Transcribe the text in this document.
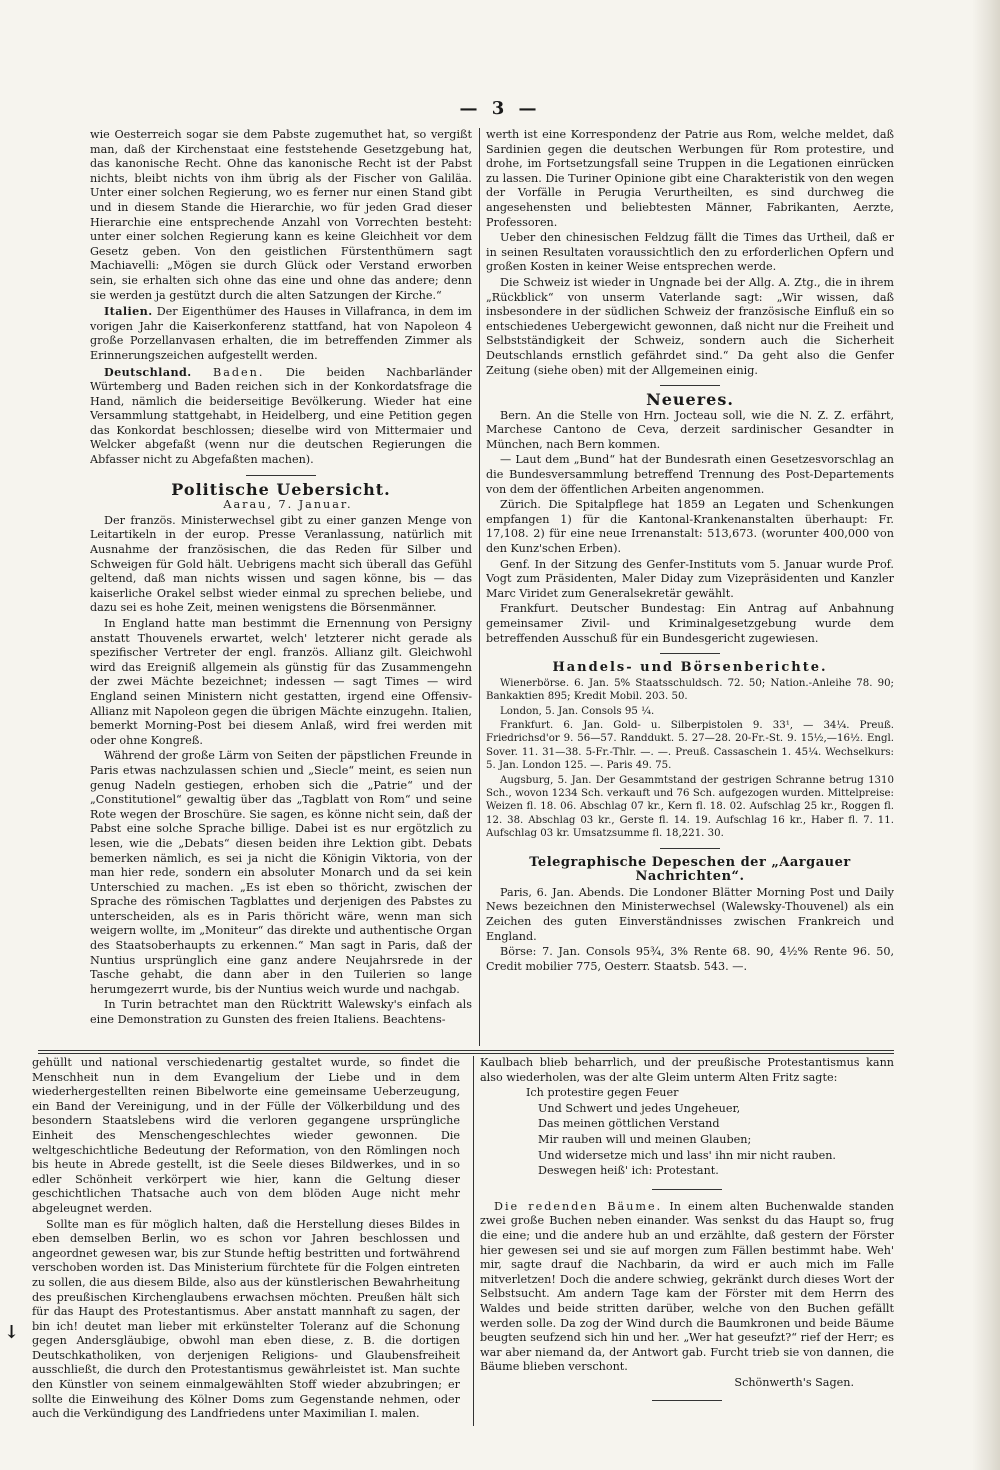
— 3 —

wie Oesterreich sogar sie dem Pabste zugemuthet hat, so vergißt man, daß der Kirchenstaat eine feststehende Gesetzgebung hat, das kanonische Recht. Ohne das kanonische Recht ist der Pabst nichts, bleibt nichts von ihm übrig als der Fischer von Galiläa. Unter einer solchen Regierung, wo es ferner nur einen Stand gibt und in diesem Stande die Hierarchie, wo für jeden Grad dieser Hierarchie eine entsprechende Anzahl von Vorrechten besteht: unter einer solchen Regierung kann es keine Gleichheit vor dem Gesetz geben. Von den geistlichen Fürstenthümern sagt Machiavelli: „Mögen sie durch Glück oder Verstand erworben sein, sie erhalten sich ohne das eine und ohne das andere; denn sie werden ja gestützt durch die alten Satzungen der Kirche.“

Italien. Der Eigenthümer des Hauses in Villafranca, in dem im vorigen Jahr die Kaiserkonferenz stattfand, hat von Napoleon 4 große Porzellanvasen erhalten, die im betreffenden Zimmer als Erinnerungszeichen aufgestellt werden.

Deutschland. Baden. Die beiden Nachbarländer Würtemberg und Baden reichen sich in der Konkordatsfrage die Hand, nämlich die beiderseitige Bevölkerung. Wieder hat eine Versammlung stattgehabt, in Heidelberg, und eine Petition gegen das Konkordat beschlossen; dieselbe wird von Mittermaier und Welcker abgefaßt (wenn nur die deutschen Regierungen die Abfasser nicht zu Abgefaßten machen).

Politische Uebersicht.

Aarau, 7. Januar.

Der französ. Ministerwechsel gibt zu einer ganzen Menge von Leitartikeln in der europ. Presse Veranlassung, natürlich mit Ausnahme der französischen, die das Reden für Silber und Schweigen für Gold hält. Uebrigens macht sich überall das Gefühl geltend, daß man nichts wissen und sagen könne, bis — das kaiserliche Orakel selbst wieder einmal zu sprechen beliebe, und dazu sei es hohe Zeit, meinen wenigstens die Börsenmänner.

In England hatte man bestimmt die Ernennung von Persigny anstatt Thouvenels erwartet, welch' letzterer nicht gerade als spezifischer Vertreter der engl. französ. Allianz gilt. Gleichwohl wird das Ereigniß allgemein als günstig für das Zusammengehn der zwei Mächte bezeichnet; indessen — sagt Times — wird England seinen Ministern nicht gestatten, irgend eine Offensiv-Allianz mit Napoleon gegen die übrigen Mächte einzugehn. Italien, bemerkt Morning-Post bei diesem Anlaß, wird frei werden mit oder ohne Kongreß.

Während der große Lärm von Seiten der päpstlichen Freunde in Paris etwas nachzulassen schien und „Siecle“ meint, es seien nun genug Nadeln gestiegen, erhoben sich die „Patrie“ und der „Constitutionel“ gewaltig über das „Tagblatt von Rom“ und seine Rote wegen der Broschüre. Sie sagen, es könne nicht sein, daß der Pabst eine solche Sprache billige. Dabei ist es nur ergötzlich zu lesen, wie die „Debats“ diesen beiden ihre Lektion gibt. Debats bemerken nämlich, es sei ja nicht die Königin Viktoria, von der man hier rede, sondern ein absoluter Monarch und da sei kein Unterschied zu machen. „Es ist eben so thöricht, zwischen der Sprache des römischen Tagblattes und derjenigen des Pabstes zu unterscheiden, als es in Paris thöricht wäre, wenn man sich weigern wollte, im „Moniteur“ das direkte und authentische Organ des Staatsoberhaupts zu erkennen.“ Man sagt in Paris, daß der Nuntius ursprünglich eine ganz andere Neujahrsrede in der Tasche gehabt, die dann aber in den Tuilerien so lange herumgezerrt wurde, bis der Nuntius weich wurde und nachgab.

In Turin betrachtet man den Rücktritt Walewsky's einfach als eine Demonstration zu Gunsten des freien Italiens. Beachtens-

werth ist eine Korrespondenz der Patrie aus Rom, welche meldet, daß Sardinien gegen die deutschen Werbungen für Rom protestire, und drohe, im Fortsetzungsfall seine Truppen in die Legationen einrücken zu lassen. Die Turiner Opinione gibt eine Charakteristik von den wegen der Vorfälle in Perugia Verurtheilten, es sind durchweg die angesehensten und beliebtesten Männer, Fabrikanten, Aerzte, Professoren.

Ueber den chinesischen Feldzug fällt die Times das Urtheil, daß er in seinen Resultaten voraussichtlich den zu erforderlichen Opfern und großen Kosten in keiner Weise entsprechen werde.

Die Schweiz ist wieder in Ungnade bei der Allg. A. Ztg., die in ihrem „Rückblick“ von unserm Vaterlande sagt: „Wir wissen, daß insbesondere in der südlichen Schweiz der französische Einfluß ein so entschiedenes Uebergewicht gewonnen, daß nicht nur die Freiheit und Selbstständigkeit der Schweiz, sondern auch die Sicherheit Deutschlands ernstlich gefährdet sind.“ Da geht also die Genfer Zeitung (siehe oben) mit der Allgemeinen einig.

Neueres.

Bern. An die Stelle von Hrn. Jocteau soll, wie die N. Z. Z. erfährt, Marchese Cantono de Ceva, derzeit sardinischer Gesandter in München, nach Bern kommen.

— Laut dem „Bund“ hat der Bundesrath einen Gesetzesvorschlag an die Bundesversammlung betreffend Trennung des Post-Departements von dem der öffentlichen Arbeiten angenommen.

Zürich. Die Spitalpflege hat 1859 an Legaten und Schenkungen empfangen 1) für die Kantonal-Krankenanstalten überhaupt: Fr. 17,108. 2) für eine neue Irrenanstalt: 513,673. (worunter 400,000 von den Kunz'schen Erben).

Genf. In der Sitzung des Genfer-Instituts vom 5. Januar wurde Prof. Vogt zum Präsidenten, Maler Diday zum Vizepräsidenten und Kanzler Marc Viridet zum Generalsekretär gewählt.

Frankfurt. Deutscher Bundestag: Ein Antrag auf Anbahnung gemeinsamer Zivil- und Kriminalgesetzgebung wurde dem betreffenden Ausschuß für ein Bundesgericht zugewiesen.

Handels- und Börsenberichte.

Wienerbörse. 6. Jan. 5% Staatsschuldsch. 72. 50; Nation.-Anleihe 78. 90; Bankaktien 895; Kredit Mobil. 203. 50.

London, 5. Jan. Consols 95 ¼.

Frankfurt. 6. Jan. Gold- u. Silberpistolen 9. 33¹, — 34¼. Preuß. Friedrichsd'or 9. 56—57. Randdukt. 5. 27—28. 20-Fr.-St. 9. 15½,—16½. Engl. Sover. 11. 31—38. 5-Fr.-Thlr. —. —. Preuß. Cassaschein 1. 45¼. Wechselkurs: 5. Jan. London 125. —. Paris 49. 75.

Augsburg, 5. Jan. Der Gesammtstand der gestrigen Schranne betrug 1310 Sch., wovon 1234 Sch. verkauft und 76 Sch. aufgezogen wurden. Mittelpreise: Weizen fl. 18. 06. Abschlag 07 kr., Kern fl. 18. 02. Aufschlag 25 kr., Roggen fl. 12. 38. Abschlag 03 kr., Gerste fl. 14. 19. Aufschlag 16 kr., Haber fl. 7. 11. Aufschlag 03 kr. Umsatzsumme fl. 18,221. 30.

Telegraphische Depeschen der „Aargauer Nachrichten“.

Paris, 6. Jan. Abends. Die Londoner Blätter Morning Post und Daily News bezeichnen den Ministerwechsel (Walewsky-Thouvenel) als ein Zeichen des guten Einverständnisses zwischen Frankreich und England.

Börse: 7. Jan. Consols 95¾, 3% Rente 68. 90, 4½% Rente 96. 50, Credit mobilier 775, Oesterr. Staatsb. 543. —.

gehüllt und national verschiedenartig gestaltet wurde, so findet die Menschheit nun in dem Evangelium der Liebe und in dem wiederhergestellten reinen Bibelworte eine gemeinsame Ueberzeugung, ein Band der Vereinigung, und in der Fülle der Völkerbildung und des besondern Staatslebens wird die verloren gegangene ursprüngliche Einheit des Menschengeschlechtes wieder gewonnen. Die weltgeschichtliche Bedeutung der Reformation, von den Römlingen noch bis heute in Abrede gestellt, ist die Seele dieses Bildwerkes, und in so edler Schönheit verkörpert wie hier, kann die Geltung dieser geschichtlichen Thatsache auch von dem blöden Auge nicht mehr abgeleugnet werden.

Sollte man es für möglich halten, daß die Herstellung dieses Bildes in eben demselben Berlin, wo es schon vor Jahren beschlossen und angeordnet gewesen war, bis zur Stunde heftig bestritten und fortwährend verschoben worden ist. Das Ministerium fürchtete für die Folgen eintreten zu sollen, die aus diesem Bilde, also aus der künstlerischen Bewahrheitung des preußischen Kirchenglaubens erwachsen möchten. Preußen hält sich für das Haupt des Protestantismus. Aber anstatt mannhaft zu sagen, der bin ich! deutet man lieber mit erkünstelter Toleranz auf die Schonung gegen Andersgläubige, obwohl man eben diese, z. B. die dortigen Deutschkatholiken, von derjenigen Religions- und Glaubensfreiheit ausschließt, die durch den Protestantismus gewährleistet ist. Man suchte den Künstler von seinem einmalgewählten Stoff wieder abzubringen; er sollte die Einweihung des Kölner Doms zum Gegenstande nehmen, oder auch die Verkündigung des Landfriedens unter Maximilian I. malen.

Kaulbach blieb beharrlich, und der preußische Protestantismus kann also wiederholen, was der alte Gleim unterm Alten Fritz sagte:

Ich protestire gegen Feuer

Und Schwert und jedes Ungeheuer,

Das meinen göttlichen Verstand

Mir rauben will und meinen Glauben;

Und widersetze mich und lass' ihn mir nicht rauben.

Deswegen heiß' ich: Protestant.

Die redenden Bäume. In einem alten Buchenwalde standen zwei große Buchen neben einander. Was senkst du das Haupt so, frug die eine; und die andere hub an und erzählte, daß gestern der Förster hier gewesen sei und sie auf morgen zum Fällen bestimmt habe. Weh' mir, sagte drauf die Nachbarin, da wird er auch mich im Falle mitverletzen! Doch die andere schwieg, gekränkt durch dieses Wort der Selbstsucht. Am andern Tage kam der Förster mit dem Herrn des Waldes und beide stritten darüber, welche von den Buchen gefällt werden solle. Da zog der Wind durch die Baumkronen und beide Bäume beugten seufzend sich hin und her. „Wer hat geseufzt?“ rief der Herr; es war aber niemand da, der Antwort gab. Furcht trieb sie von dannen, die Bäume blieben verschont.

Schönwerth's Sagen.

↓
